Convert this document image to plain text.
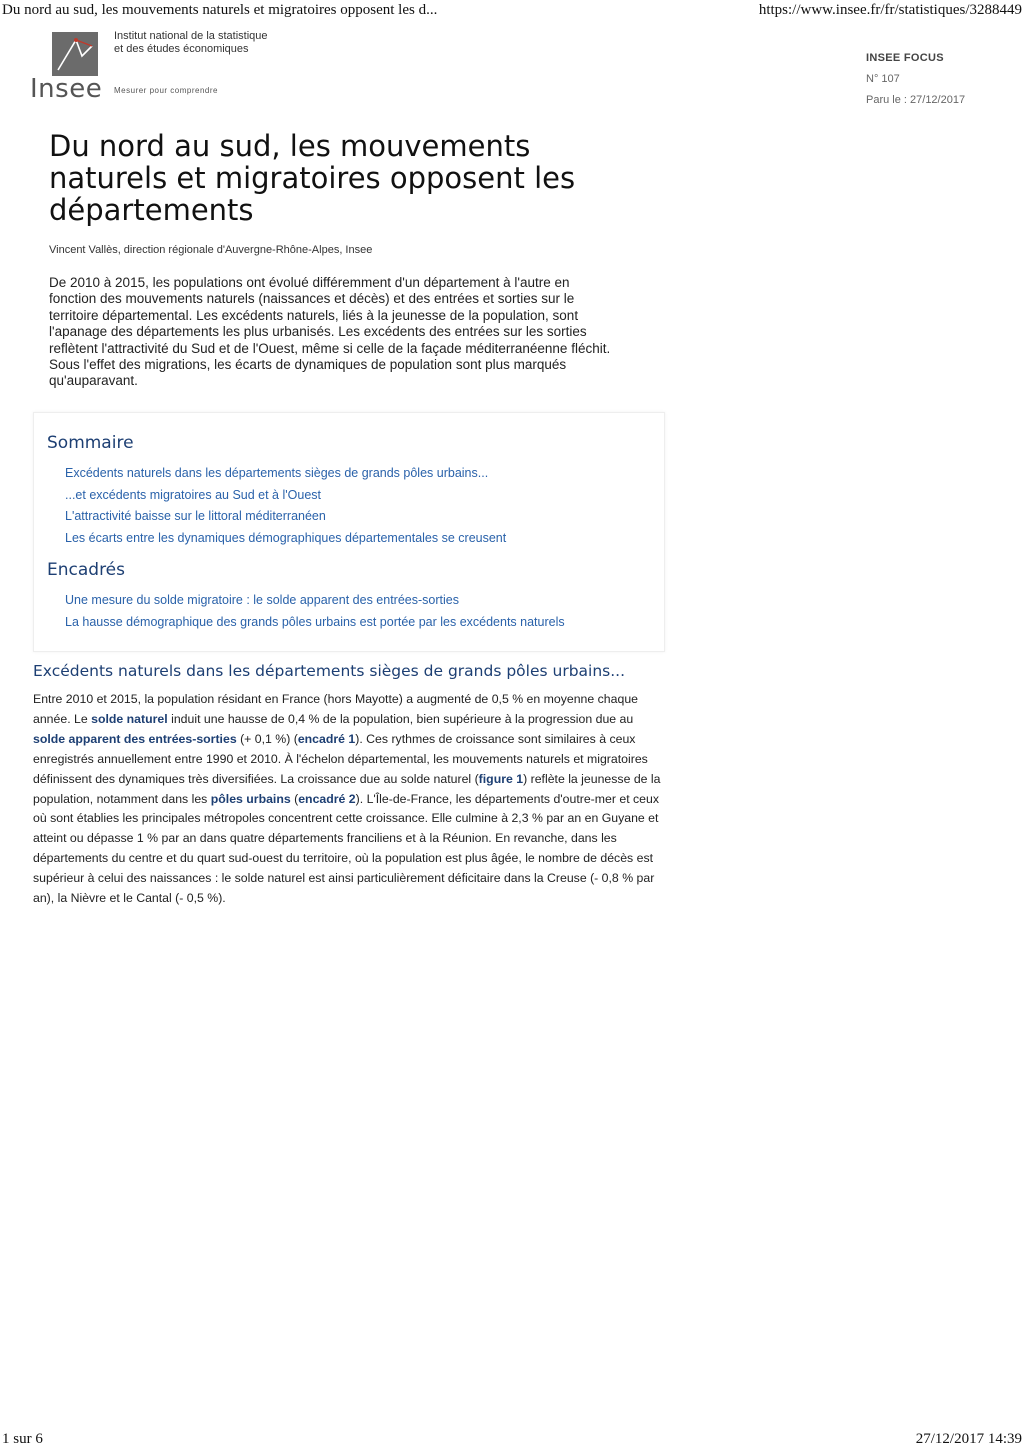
Du nord au sud, les mouvements naturels et migratoires opposent les d...	https://www.insee.fr/fr/statistiques/3288449
Insee
Institut national de la statistique
et des études économiques
Mesurer pour comprendre
INSEE FOCUS
N° 107
Paru le : 27/12/2017
Du nord au sud, les mouvements naturels et migratoires opposent les départements
Vincent Vallès, direction régionale d'Auvergne-Rhône-Alpes, Insee

De 2010 à 2015, les populations ont évolué différemment d'un département à l'autre en fonction des mouvements naturels (naissances et décès) et des entrées et sorties sur le territoire départemental. Les excédents naturels, liés à la jeunesse de la population, sont l'apanage des départements les plus urbanisés. Les excédents des entrées sur les sorties reflètent l'attractivité du Sud et de l'Ouest, même si celle de la façade méditerranéenne fléchit. Sous l'effet des migrations, les écarts de dynamiques de population sont plus marqués qu'auparavant.

Sommaire
Excédents naturels dans les départements sièges de grands pôles urbains...
...et excédents migratoires au Sud et à l'Ouest
L'attractivité baisse sur le littoral méditerranéen
Les écarts entre les dynamiques démographiques départementales se creusent
Encadrés
Une mesure du solde migratoire : le solde apparent des entrées-sorties
La hausse démographique des grands pôles urbains est portée par les excédents naturels
Excédents naturels dans les départements sièges de grands pôles urbains...

Entre 2010 et 2015, la population résidant en France (hors Mayotte) a augmenté de 0,5 % en moyenne chaque année. Le solde naturel induit une hausse de 0,4 % de la population, bien supérieure à la progression due au solde apparent des entrées-sorties (+ 0,1 %) (encadré 1). Ces rythmes de croissance sont similaires à ceux enregistrés annuellement entre 1990 et 2010. À l'échelon départemental, les mouvements naturels et migratoires définissent des dynamiques très diversifiées. La croissance due au solde naturel (figure 1) reflète la jeunesse de la population, notamment dans les pôles urbains (encadré 2). L'Île-de-France, les départements d'outre-mer et ceux où sont établies les principales métropoles concentrent cette croissance. Elle culmine à 2,3 % par an en Guyane et atteint ou dépasse 1 % par an dans quatre départements franciliens et à la Réunion. En revanche, dans les départements du centre et du quart sud-ouest du territoire, où la population est plus âgée, le nombre de décès est supérieur à celui des naissances : le solde naturel est ainsi particulièrement déficitaire dans la Creuse (- 0,8 % par an), la Nièvre et le Cantal (- 0,5 %).

1 sur 6	27/12/2017 14:39
